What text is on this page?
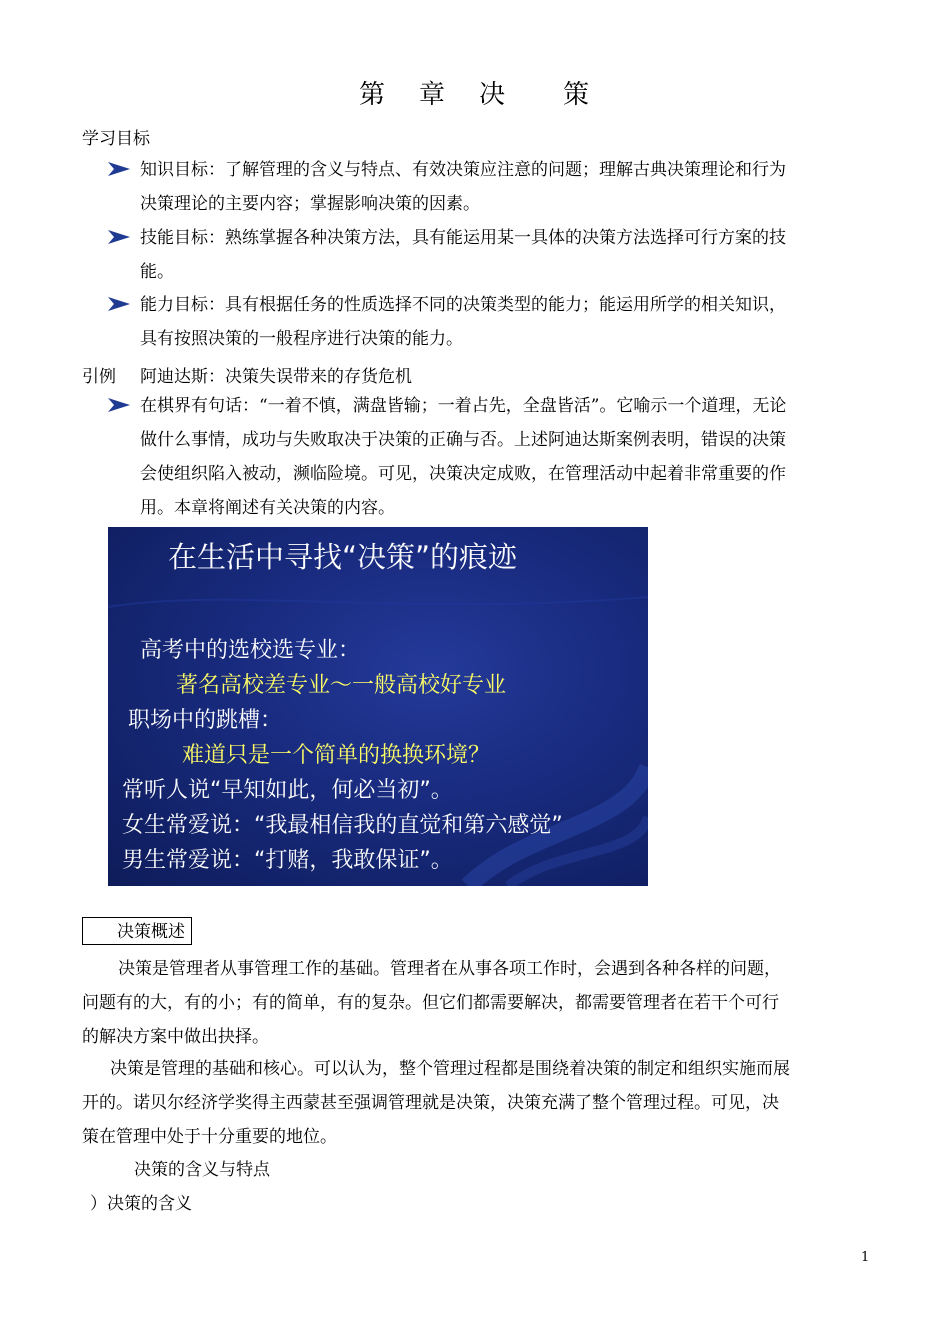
第 章 决 策
学习目标
知识目标：了解管理的含义与特点、有效决策应注意的问题；理解古典决策理论和行为
决策理论的主要内容；掌握影响决策的因素。
技能目标：熟练掌握各种决策方法，具有能运用某一具体的决策方法选择可行方案的技
能。
能力目标：具有根据任务的性质选择不同的决策类型的能力；能运用所学的相关知识，
具有按照决策的一般程序进行决策的能力。
引例 阿迪达斯：决策失误带来的存货危机
在棋界有句话：“一着不慎，满盘皆输；一着占先，全盘皆活”。它喻示一个道理，无论
做什么事情，成功与失败取决于决策的正确与否。上述阿迪达斯案例表明，错误的决策
会使组织陷入被动，濒临险境。可见，决策决定成败，在管理活动中起着非常重要的作
用。本章将阐述有关决策的内容。
在生活中寻找“决策”的痕迹
高考中的选校选专业：
著名高校差专业～一般高校好专业
职场中的跳槽：
难道只是一个简单的换换环境？
常听人说“早知如此，何必当初”。
女生常爱说：“我最相信我的直觉和第六感觉”
男生常爱说：“打赌，我敢保证”。
决策概述
决策是管理者从事管理工作的基础。管理者在从事各项工作时，会遇到各种各样的问题，
问题有的大，有的小；有的简单，有的复杂。但它们都需要解决，都需要管理者在若干个可行
的解决方案中做出抉择。
决策是管理的基础和核心。可以认为，整个管理过程都是围绕着决策的制定和组织实施而展
开的。诺贝尔经济学奖得主西蒙甚至强调管理就是决策，决策充满了整个管理过程。可见，决
策在管理中处于十分重要的地位。
决策的含义与特点
）决策的含义
1
